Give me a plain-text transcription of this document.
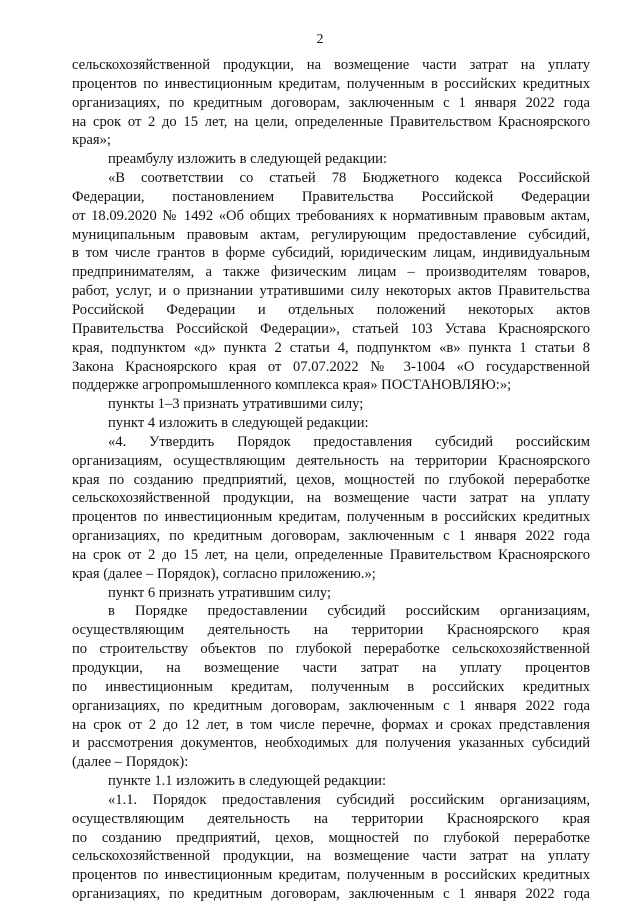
2
сельскохозяйственной продукции, на возмещение части затрат на уплату
процентов по инвестиционным кредитам, полученным в российских кредитных
организациях, по кредитным договорам, заключенным с 1 января 2022 года
на срок от 2 до 15 лет, на цели, определенные Правительством Красноярского
края»;
преамбулу изложить в следующей редакции:
«В соответствии со статьей 78 Бюджетного кодекса Российской
Федерации, постановлением Правительства Российской Федерации
от 18.09.2020 № 1492 «Об общих требованиях к нормативным правовым актам,
муниципальным правовым актам, регулирующим предоставление субсидий,
в том числе грантов в форме субсидий, юридическим лицам, индивидуальным
предпринимателям, а также физическим лицам – производителям товаров,
работ, услуг, и о признании утратившими силу некоторых актов Правительства
Российской Федерации и отдельных положений некоторых актов
Правительства Российской Федерации», статьей 103 Устава Красноярского
края, подпунктом «д» пункта 2 статьи 4, подпунктом «в» пункта 1 статьи 8
Закона Красноярского края от 07.07.2022 № 3-1004 «О государственной
поддержке агропромышленного комплекса края» ПОСТАНОВЛЯЮ:»;
пункты 1–3 признать утратившими силу;
пункт 4 изложить в следующей редакции:
«4. Утвердить Порядок предоставления субсидий российским
организациям, осуществляющим деятельность на территории Красноярского
края по созданию предприятий, цехов, мощностей по глубокой переработке
сельскохозяйственной продукции, на возмещение части затрат на уплату
процентов по инвестиционным кредитам, полученным в российских кредитных
организациях, по кредитным договорам, заключенным с 1 января 2022 года
на срок от 2 до 15 лет, на цели, определенные Правительством Красноярского
края (далее – Порядок), согласно приложению.»;
пункт 6 признать утратившим силу;
в Порядке предоставлении субсидий российским организациям,
осуществляющим деятельность на территории Красноярского края
по строительству объектов по глубокой переработке сельскохозяйственной
продукции, на возмещение части затрат на уплату процентов
по инвестиционным кредитам, полученным в российских кредитных
организациях, по кредитным договорам, заключенным с 1 января 2022 года
на срок от 2 до 12 лет, в том числе перечне, формах и сроках представления
и рассмотрения документов, необходимых для получения указанных субсидий
(далее – Порядок):
пункте 1.1 изложить в следующей редакции:
«1.1. Порядок предоставления субсидий российским организациям,
осуществляющим деятельность на территории Красноярского края
по созданию предприятий, цехов, мощностей по глубокой переработке
сельскохозяйственной продукции, на возмещение части затрат на уплату
процентов по инвестиционным кредитам, полученным в российских кредитных
организациях, по кредитным договорам, заключенным с 1 января 2022 года
